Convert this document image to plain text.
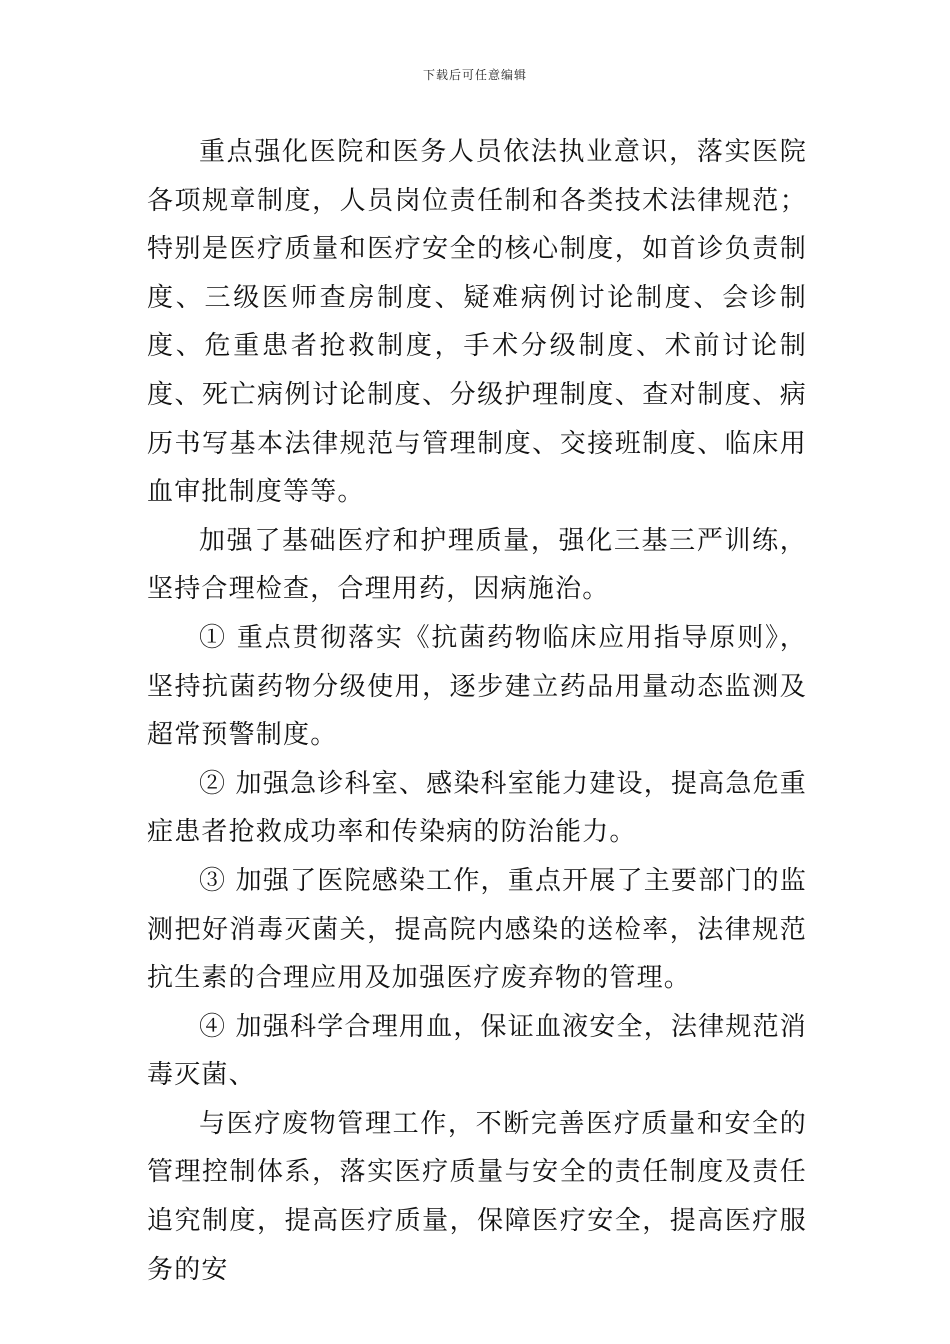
下载后可任意编辑

重点强化医院和医务人员依法执业意识，落实医院各项规章制度，人员岗位责任制和各类技术法律规范；特别是医疗质量和医疗安全的核心制度，如首诊负责制度、三级医师查房制度、疑难病例讨论制度、会诊制度、危重患者抢救制度，手术分级制度、术前讨论制度、死亡病例讨论制度、分级护理制度、查对制度、病历书写基本法律规范与管理制度、交接班制度、临床用血审批制度等等。

加强了基础医疗和护理质量，强化三基三严训练，坚持合理检查，合理用药，因病施治。

① 重点贯彻落实《抗菌药物临床应用指导原则》，坚持抗菌药物分级使用，逐步建立药品用量动态监测及超常预警制度。

② 加强急诊科室、感染科室能力建设，提高急危重症患者抢救成功率和传染病的防治能力。

③ 加强了医院感染工作，重点开展了主要部门的监测把好消毒灭菌关，提高院内感染的送检率，法律规范抗生素的合理应用及加强医疗废弃物的管理。

④ 加强科学合理用血，保证血液安全，法律规范消毒灭菌、

与医疗废物管理工作，不断完善医疗质量和安全的管理控制体系，落实医疗质量与安全的责任制度及责任追究制度，提高医疗质量，保障医疗安全，提高医疗服务的安
